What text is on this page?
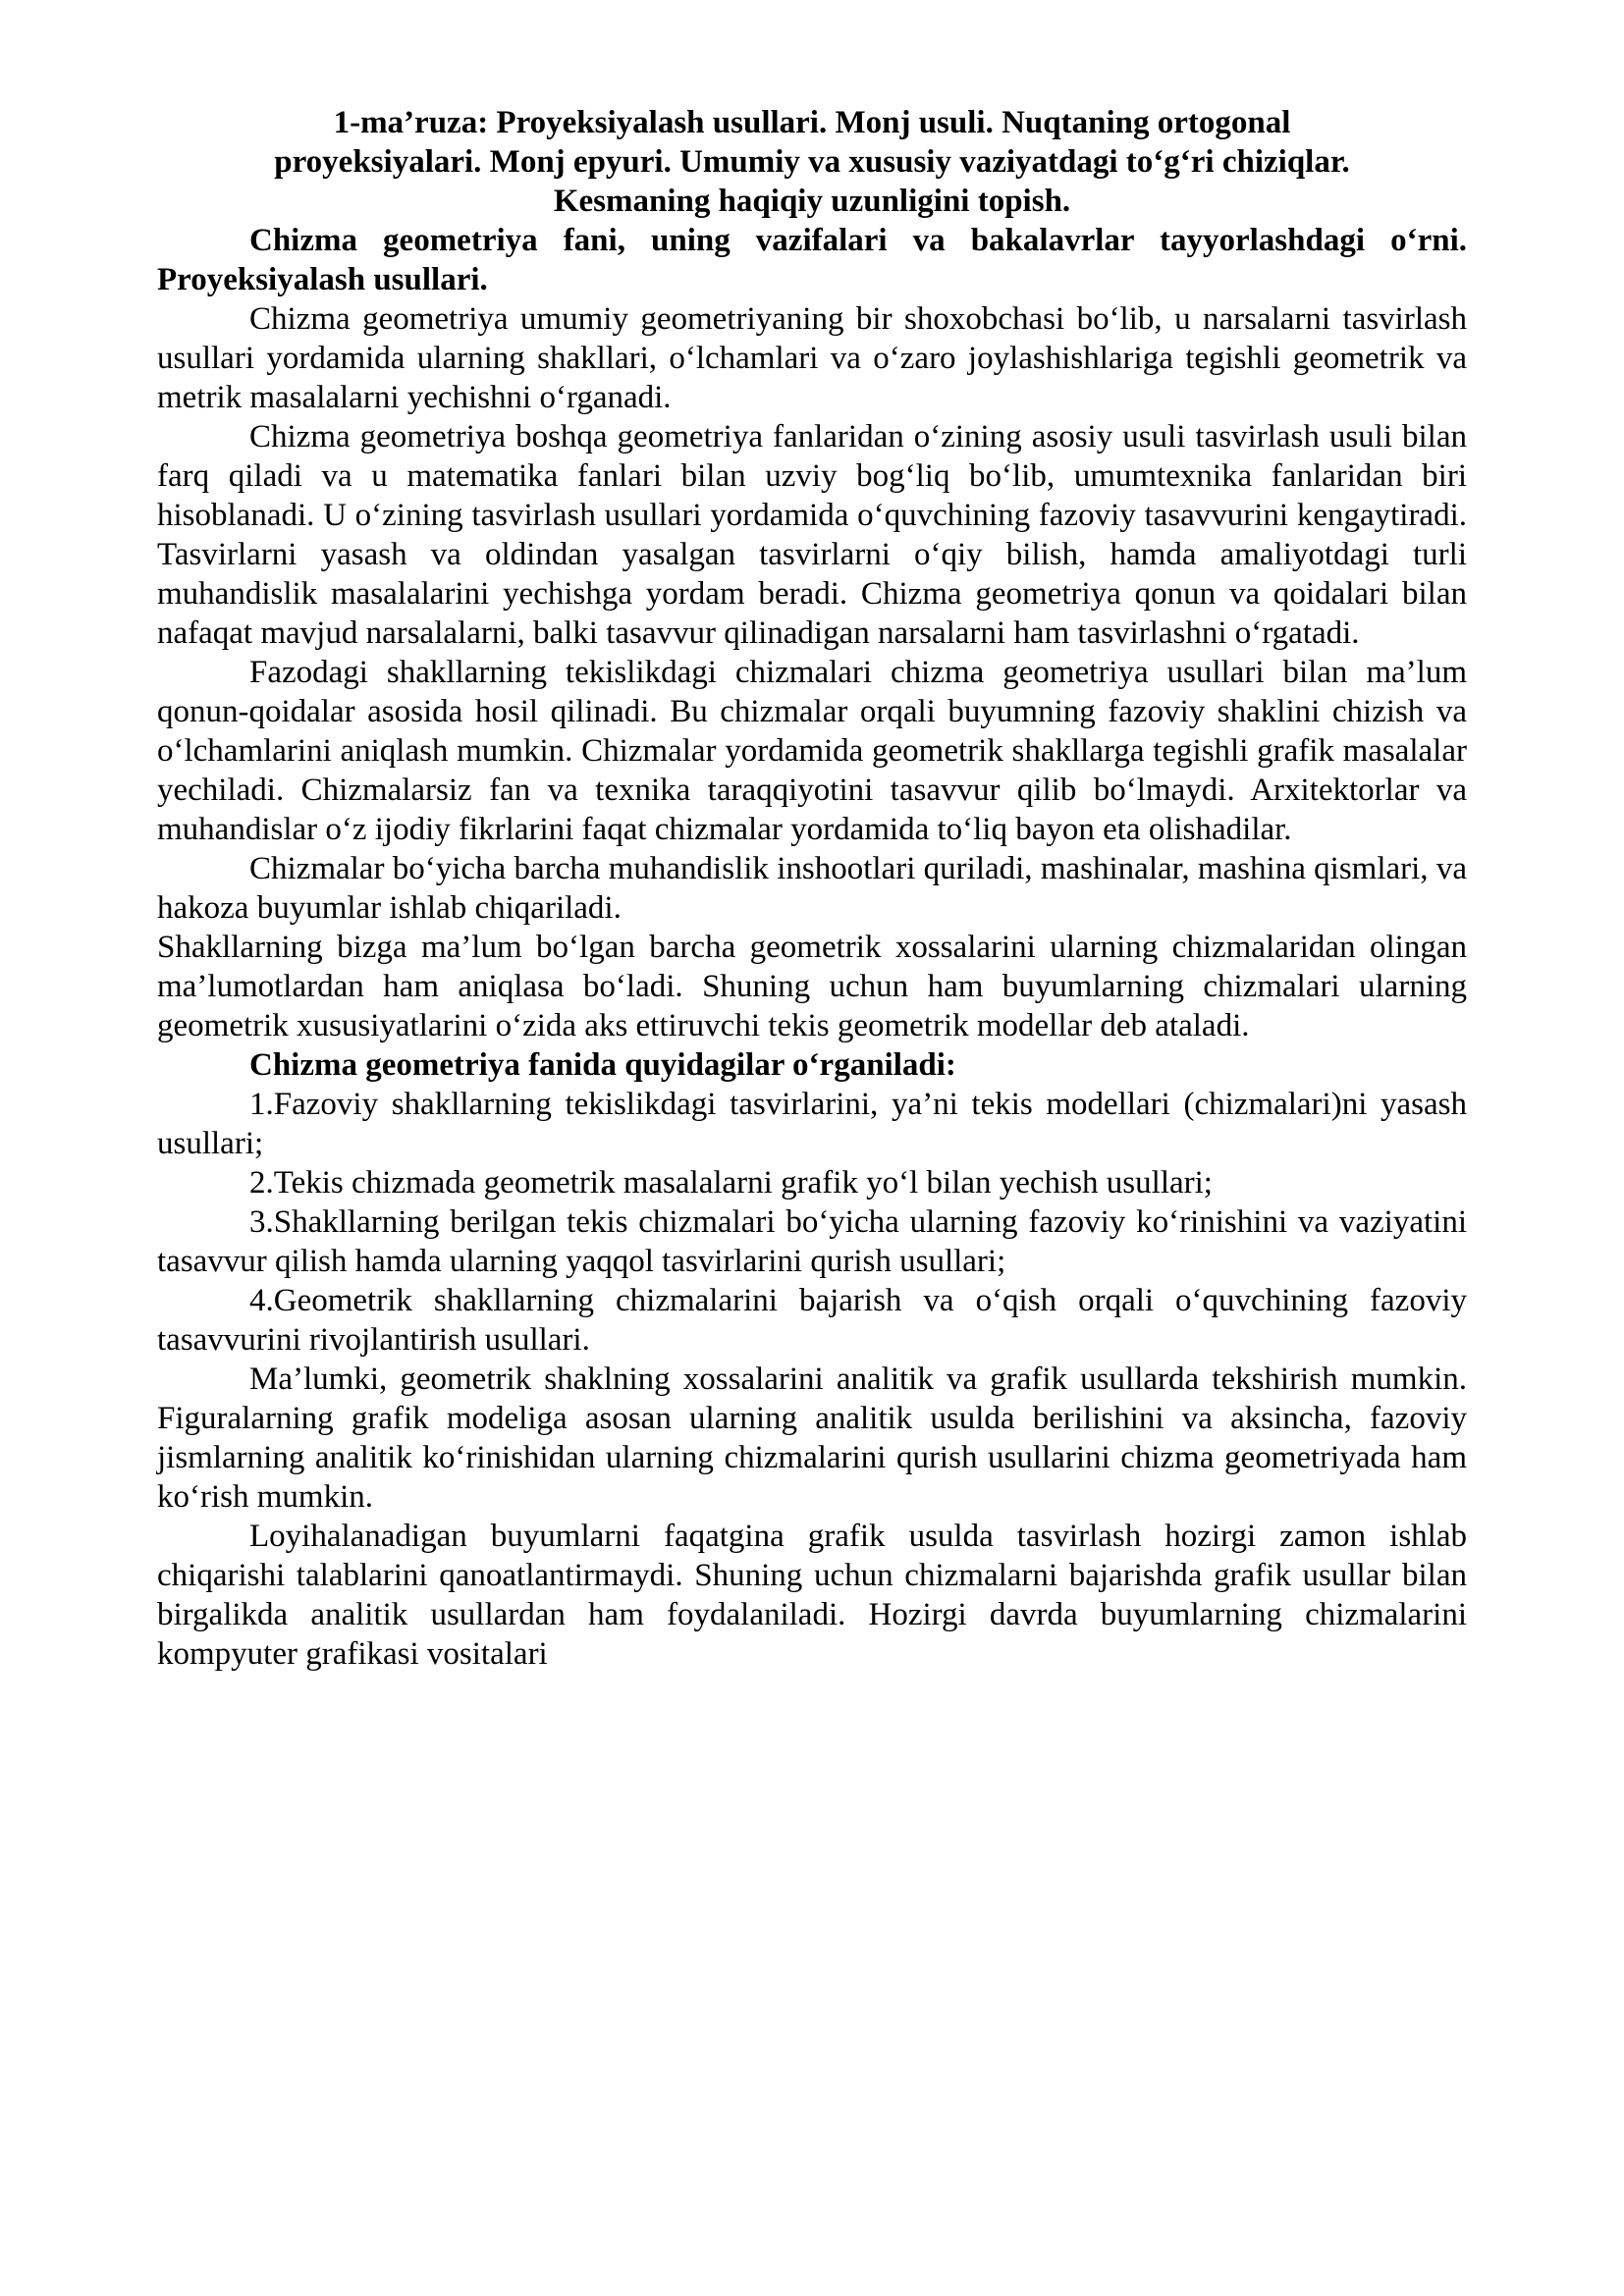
1-ma’ruza: Proyeksiyalash usullari. Monj usuli. Nuqtaning ortogonal
proyeksiyalari. Monj epyuri. Umumiy va xususiy vaziyatdagi toʻgʻri chiziqlar.
Kesmaning haqiqiy uzunligini topish.

Chizma geometriya fani, uning vazifalari va bakalavrlar tayyorlashdagi oʻrni. Proyeksiyalash usullari.

Chizma geometriya umumiy geometriyaning bir shoxobchasi boʻlib, u narsalarni tasvirlash usullari yordamida ularning shakllari, oʻlchamlari va oʻzaro joylashishlariga tegishli geometrik va metrik masalalarni yechishni oʻrganadi.

Chizma geometriya boshqa geometriya fanlaridan oʻzining asosiy usuli tasvirlash usuli bilan farq qiladi va u matematika fanlari bilan uzviy bogʻliq boʻlib, umumtexnika fanlaridan biri hisoblanadi. U oʻzining tasvirlash usullari yordamida oʻquvchining fazoviy tasavvurini kengaytiradi. Tasvirlarni yasash va oldindan yasalgan tasvirlarni oʻqiy bilish, hamda amaliyotdagi turli muhandislik masalalarini yechishga yordam beradi. Chizma geometriya qonun va qoidalari bilan nafaqat mavjud narsalalarni, balki tasavvur qilinadigan narsalarni ham tasvirlashni oʻrgatadi.

Fazodagi shakllarning tekislikdagi chizmalari chizma geometriya usullari bilan ma’lum qonun-qoidalar asosida hosil qilinadi. Bu chizmalar orqali buyumning fazoviy shaklini chizish va oʻlchamlarini aniqlash mumkin. Chizmalar yordamida geometrik shakllarga tegishli grafik masalalar yechiladi. Chizmalarsiz fan va texnika taraqqiyotini tasavvur qilib boʻlmaydi. Arxitektorlar va muhandislar oʻz ijodiy fikrlarini faqat chizmalar yordamida toʻliq bayon eta olishadilar.

Chizmalar boʻyicha barcha muhandislik inshootlari quriladi, mashinalar, mashina qismlari, va hakoza buyumlar ishlab chiqariladi.

Shakllarning bizga ma’lum boʻlgan barcha geometrik xossalarini ularning chizmalaridan olingan ma’lumotlardan ham aniqlasa boʻladi. Shuning uchun ham buyumlarning chizmalari ularning geometrik xususiyatlarini oʻzida aks ettiruvchi tekis geometrik modellar deb ataladi.

Chizma geometriya fanida quyidagilar oʻrganiladi:

1.Fazoviy shakllarning tekislikdagi tasvirlarini, ya’ni tekis modellari (chizmalari)ni yasash usullari;

2.Tekis chizmada geometrik masalalarni grafik yoʻl bilan yechish usullari;

3.Shakllarning berilgan tekis chizmalari boʻyicha ularning fazoviy koʻrinishini va vaziyatini tasavvur qilish hamda ularning yaqqol tasvirlarini qurish usullari;

4.Geometrik shakllarning chizmalarini bajarish va oʻqish orqali oʻquvchining fazoviy tasavvurini rivojlantirish usullari.

Ma’lumki, geometrik shaklning xossalarini analitik va grafik usullarda tekshirish mumkin. Figuralarning grafik modeliga asosan ularning analitik usulda berilishini va aksincha, fazoviy jismlarning analitik koʻrinishidan ularning chizmalarini qurish usullarini chizma geometriyada ham koʻrish mumkin.

Loyihalanadigan buyumlarni faqatgina grafik usulda tasvirlash hozirgi zamon ishlab chiqarishi talablarini qanoatlantirmaydi. Shuning uchun chizmalarni bajarishda grafik usullar bilan birgalikda analitik usullardan ham foydalaniladi. Hozirgi davrda buyumlarning chizmalarini kompyuter grafikasi vositalari
